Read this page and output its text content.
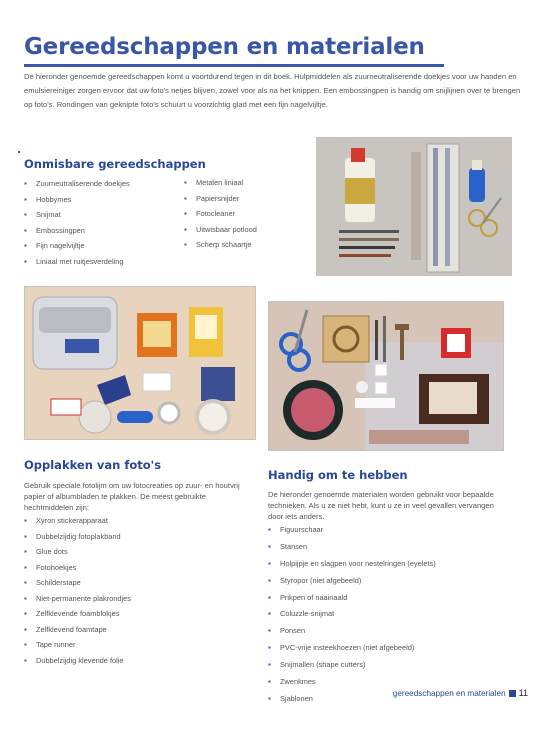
Gereedschappen en materialen

De hieronder genoemde gereedschappen komt u voortdurend tegen in dit boek. Hulpmiddelen als zuurneutraliserende doekjes voor uw handen en emulsiereiniger zorgen ervoor dat uw foto's netjes blijven, zowel voor als na het knippen. Een embossingpen is handig om snijlijnen over te brengen op foto's. Rondingen van geknipte foto's schuurt u voorzichtig glad met een fijn nagelvijltje.

Onmisbare gereedschappen
▪ Zuurneutraliserende doekjes
▪ Hobbymes
▪ Snijmat
▪ Embossingpen
▪ Fijn nagelvijltje
▪ Liniaal met ruitjesverdeling
▪ Metalen liniaal
▪ Papiersnijder
▪ Fotocleaner
▪ Uitwisbaar potlood
▪ Scherp schaartje
Opplakken van foto's

Gebruik speciale fotolijm om uw fotocreaties op zuur- en houtvrij papier of albumbladen te plakken. De meest gebruikte hechtmiddelen zijn:

▪ Xyron stickerapparaat
▪ Dubbelzijdig fotoplakband
▪ Glue dots
▪ Fotohoekjes
▪ Schilderstape
▪ Niet-permanente plakrondjes
▪ Zelfklevende foamblokjes
▪ Zelfklevend foamtape
▪ Tape runner
▪ Dubbelzijdig klevende folie
Handig om te hebben

De hieronder genoemde materialen worden gebruikt voor bepaalde technieken. Als u ze niet hebt, kunt u ze in veel gevallen vervangen door iets anders.

▪ Figuurschaar
▪ Stansen
▪ Holpijpje en slagpen voor nestelringen (eyelets)
▪ Styropor (niet afgebeeld)
▪ Prikpen of naainaald
▪ Coluzzle-snijmat
▪ Ponsen
▪ PVC-vrije insteekhoezen (niet afgebeeld)
▪ Snijmallen (shape cutters)
▪ Zwenkmes
▪ Sjablonen
gereedschappen en materialen 11
